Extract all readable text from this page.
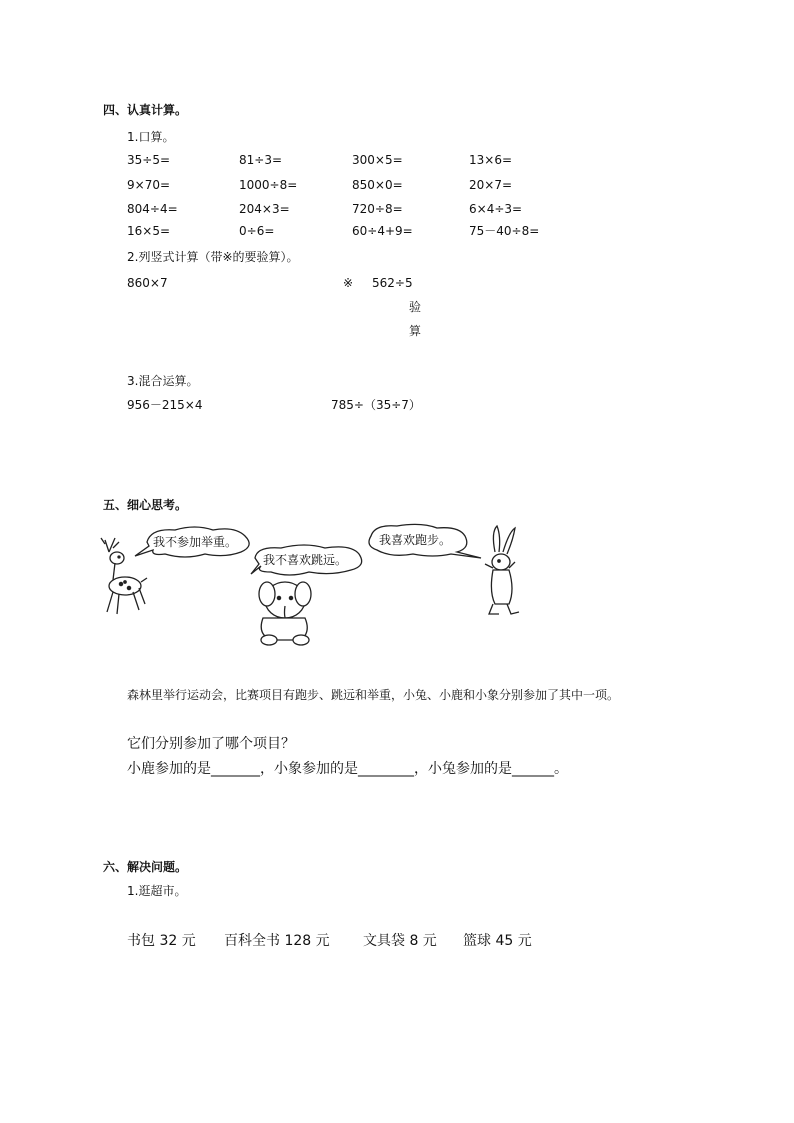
四、认真计算。
1.口算。
35÷5=	81÷3=	300×5=	13×6=
9×70=	1000÷8=	850×0=	20×7=
804÷4=	204×3=	720÷8=	6×4÷3=
16×5=	0÷6=	60÷4+9=	75－40÷8=
2.列竖式计算（带※的要验算）。
860×7	※ 562÷5
验
算
3.混合运算。
956－215×4	785÷（35÷7）
五、细心思考。
我不参加举重。
我不喜欢跳远。
我喜欢跑步。
森林里举行运动会，比赛项目有跑步、跳远和举重，小兔、小鹿和小象分别参加了其中一项。
它们分别参加了哪个项目？
小鹿参加的是_______，小象参加的是________，小兔参加的是______。
六、解决问题。
1.逛超市。
书包 32 元 百科全书 128 元 文具袋 8 元 篮球 45 元
